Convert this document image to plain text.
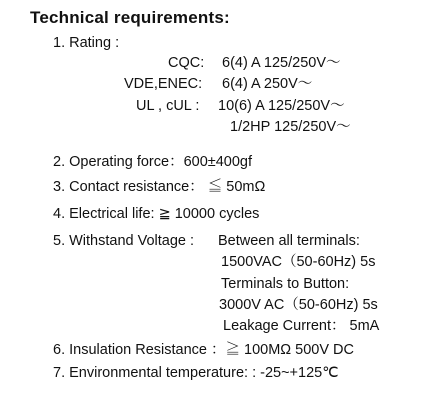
Technical requirements:
1. Rating :
CQC: 6(4) A 125/250V〜
VDE,ENEC: 6(4) A 250V〜
UL , cUL : 10(6) A 125/250V〜
1/2HP 125/250V〜
2. Operating force：600±400gf
3. Contact resistance： ≦ 50mΩ
4. Electrical life: ≧ 10000 cycles
5. Withstand Voltage : Between all terminals:
1500VAC（50-60Hz) 5s
Terminals to Button:
3000V AC（50-60Hz) 5s
Leakage Current： 5mA
6. Insulation Resistance ：≧ 100MΩ 500V DC
7. Environmental temperature: : -25~+125℃
